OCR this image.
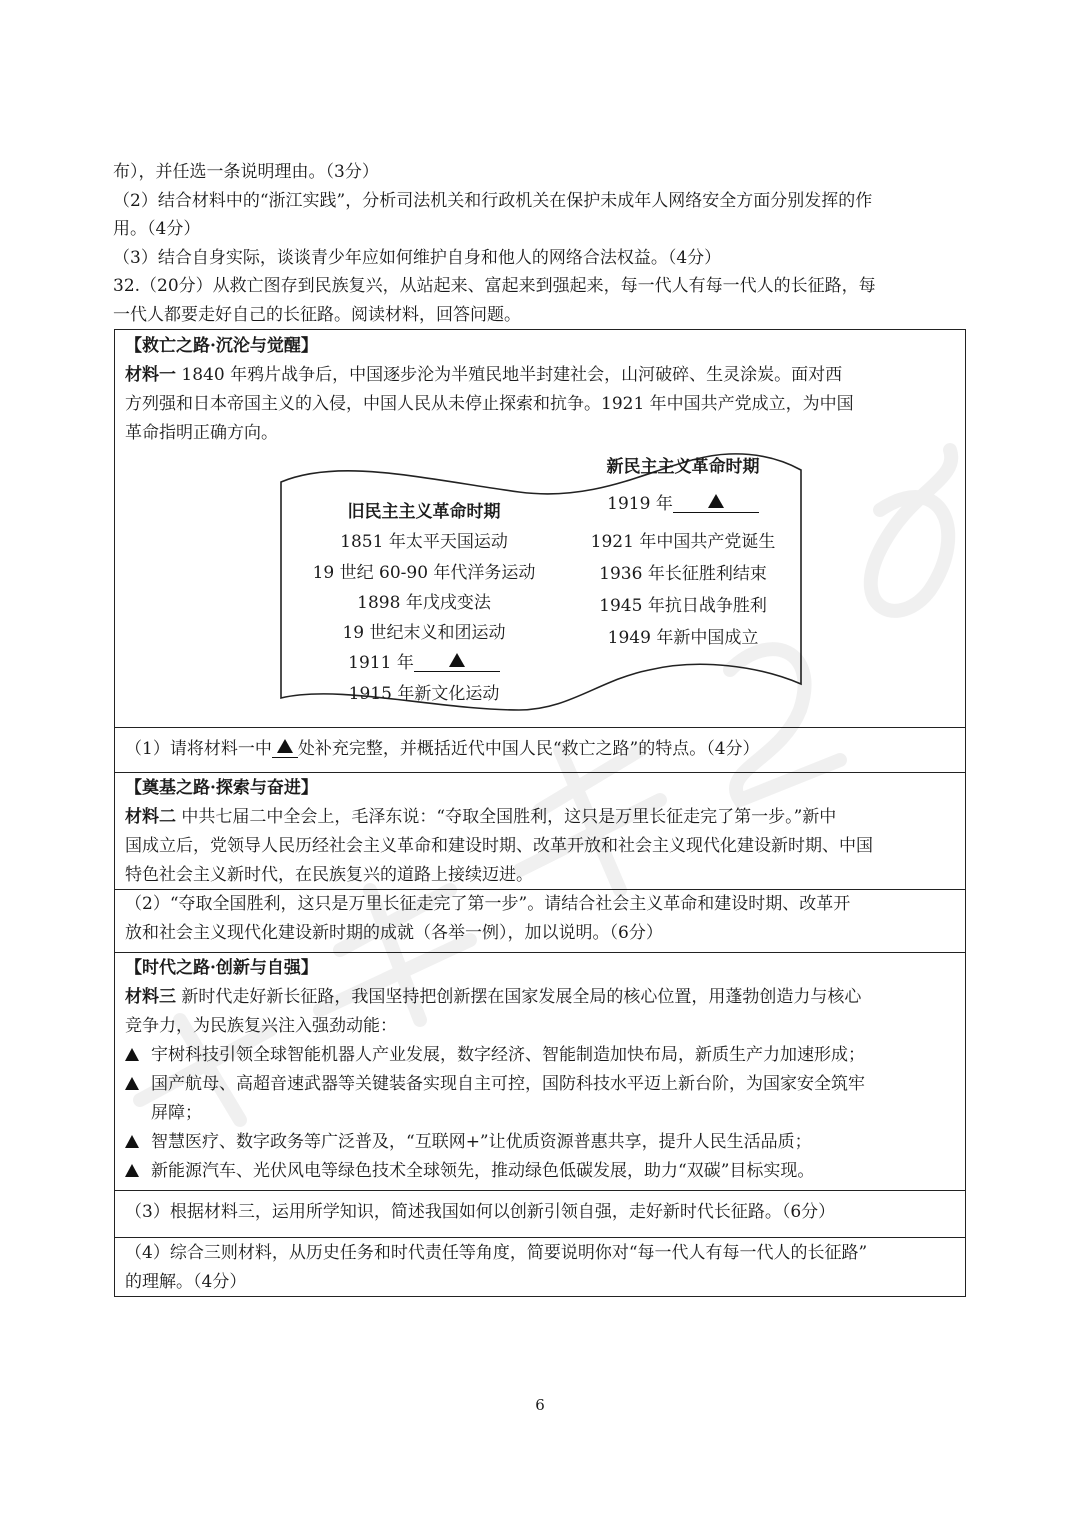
布），并任选一条说明理由。（3分）
（2）结合材料中的“浙江实践”，分析司法机关和行政机关在保护未成年人网络安全方面分别发挥的作
用。（4分）
（3）结合自身实际，谈谈青少年应如何维护自身和他人的网络合法权益。（4分）
32.（20分）从救亡图存到民族复兴，从站起来、富起来到强起来，每一代人有每一代人的长征路，每
一代人都要走好自己的长征路。阅读材料，回答问题。
【救亡之路·沉沦与觉醒】
材料一 1840 年鸦片战争后，中国逐步沦为半殖民地半封建社会，山河破碎、生灵涂炭。面对西
方列强和日本帝国主义的入侵，中国人民从未停止探索和抗争。1921 年中国共产党成立，为中国
革命指明正确方向。
旧民主主义革命时期
1851 年太平天国运动
19 世纪 60-90 年代洋务运动
1898 年戊戌变法
19 世纪末义和团运动
1911 年
1915 年新文化运动
新民主主义革命时期
1919 年
1921 年中国共产党诞生
1936 年长征胜利结束
1945 年抗日战争胜利
1949 年新中国成立
（1）请将材料一中 处补充完整，并概括近代中国人民“救亡之路”的特点。（4分）
【奠基之路·探索与奋进】
材料二 中共七届二中全会上，毛泽东说：“夺取全国胜利，这只是万里长征走完了第一步。”新中
国成立后，党领导人民历经社会主义革命和建设时期、改革开放和社会主义现代化建设新时期、中国
特色社会主义新时代，在民族复兴的道路上接续迈进。
（2）“夺取全国胜利，这只是万里长征走完了第一步”。请结合社会主义革命和建设时期、改革开
放和社会主义现代化建设新时期的成就（各举一例），加以说明。（6分）
【时代之路·创新与自强】
材料三 新时代走好新长征路，我国坚持把创新摆在国家发展全局的核心位置，用蓬勃创造力与核心
竞争力，为民族复兴注入强劲动能：
宇树科技引领全球智能机器人产业发展，数字经济、智能制造加快布局，新质生产力加速形成；
国产航母、高超音速武器等关键装备实现自主可控，国防科技水平迈上新台阶，为国家安全筑牢
屏障；
智慧医疗、数字政务等广泛普及，“互联网+”让优质资源普惠共享，提升人民生活品质；
新能源汽车、光伏风电等绿色技术全球领先，推动绿色低碳发展，助力“双碳”目标实现。
（3）根据材料三，运用所学知识，简述我国如何以创新引领自强，走好新时代长征路。（6分）
（4）综合三则材料，从历史任务和时代责任等角度，简要说明你对“每一代人有每一代人的长征路”
的理解。（4分）
6
